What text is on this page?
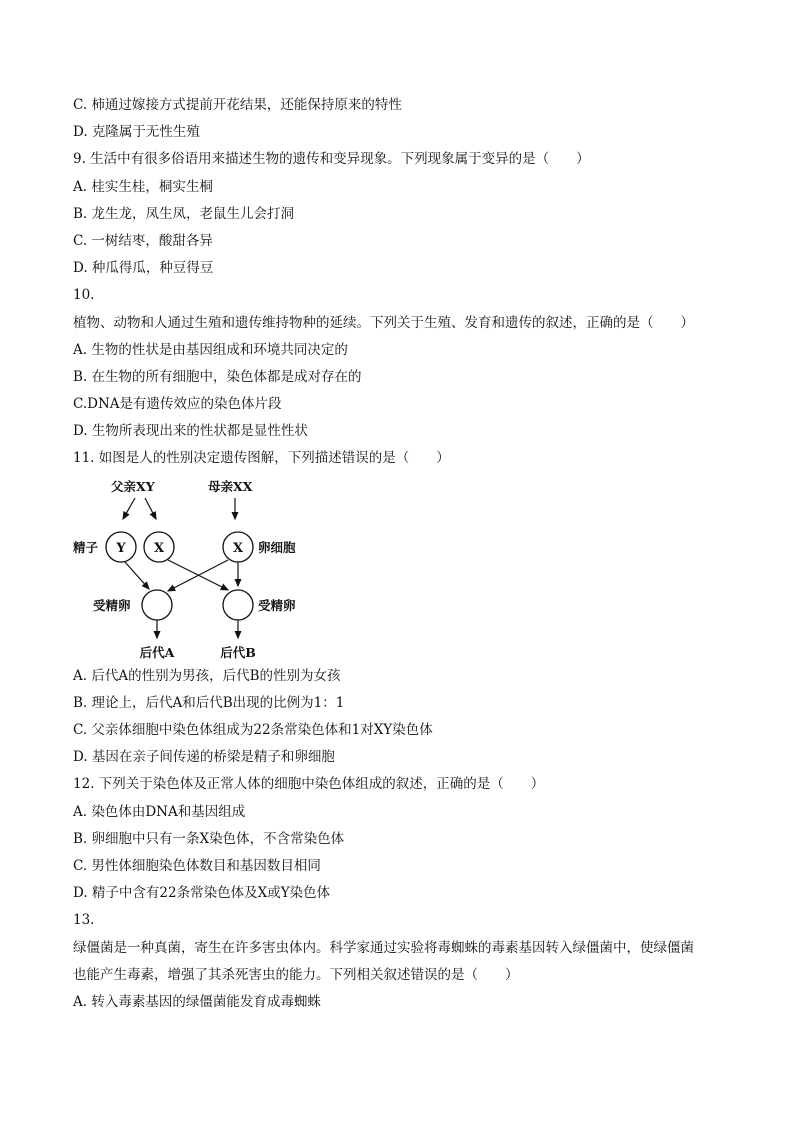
C. 柿通过嫁接方式提前开花结果，还能保持原来的特性
D. 克隆属于无性生殖
9. 生活中有很多俗语用来描述生物的遗传和变异现象。下列现象属于变异的是（　　）
A. 桂实生桂，桐实生桐
B. 龙生龙，凤生凤，老鼠生儿会打洞
C. 一树结枣，酸甜各异
D. 种瓜得瓜，种豆得豆
10.
植物、动物和人通过生殖和遗传维持物种的延续。下列关于生殖、发育和遗传的叙述，正确的是（　　）
A. 生物的性状是由基因组成和环境共同决定的
B. 在生物的所有细胞中，染色体都是成对存在的
C.DNA是有遗传效应的染色体片段
D. 生物所表现出来的性状都是显性性状
11. 如图是人的性别决定遗传图解，下列描述错误的是（　　）
父亲XY	母亲XX
精子 Y X	X 卵细胞
受精卵	受精卵
后代A	后代B
A. 后代A的性别为男孩，后代B的性别为女孩
B. 理论上，后代A和后代B出现的比例为1：1
C. 父亲体细胞中染色体组成为22条常染色体和1对XY染色体
D. 基因在亲子间传递的桥梁是精子和卵细胞
12. 下列关于染色体及正常人体的细胞中染色体组成的叙述，正确的是（　　）
A. 染色体由DNA和基因组成
B. 卵细胞中只有一条X染色体，不含常染色体
C. 男性体细胞染色体数目和基因数目相同
D. 精子中含有22条常染色体及X或Y染色体
13.
绿僵菌是一种真菌，寄生在许多害虫体内。科学家通过实验将毒蜘蛛的毒素基因转入绿僵菌中，使绿僵菌
也能产生毒素，增强了其杀死害虫的能力。下列相关叙述错误的是（　　）
A. 转入毒素基因的绿僵菌能发育成毒蜘蛛
